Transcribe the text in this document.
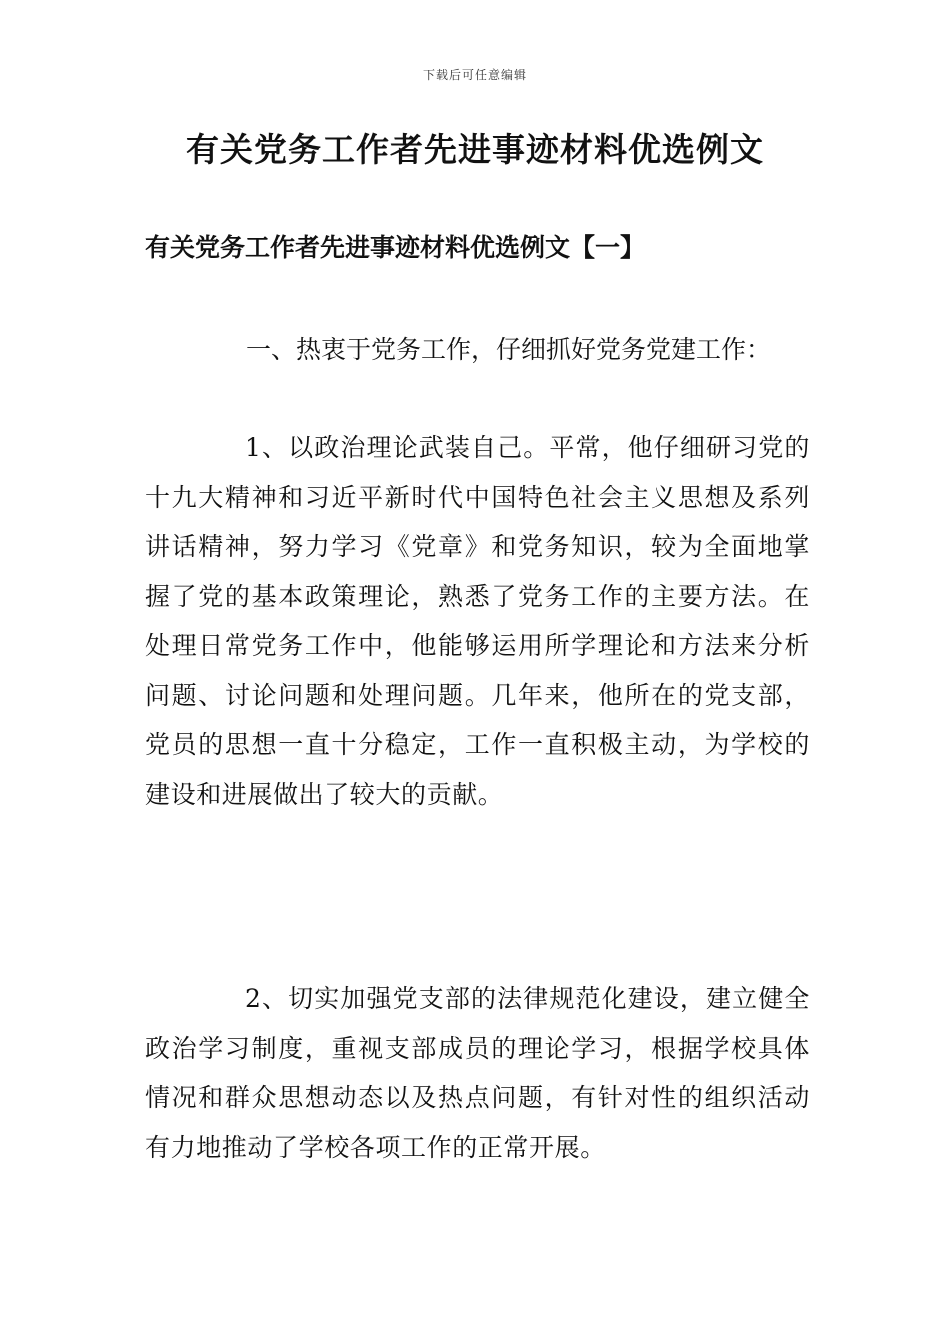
下载后可任意编辑
有关党务工作者先进事迹材料优选例文
有关党务工作者先进事迹材料优选例文【一】

一、热衷于党务工作，仔细抓好党务党建工作：

1、以政治理论武装自己。平常，他仔细研习党的十九大精神和习近平新时代中国特色社会主义思想及系列讲话精神，努力学习《党章》和党务知识，较为全面地掌握了党的基本政策理论，熟悉了党务工作的主要方法。在处理日常党务工作中，他能够运用所学理论和方法来分析问题、讨论问题和处理问题。几年来，他所在的党支部，党员的思想一直十分稳定，工作一直积极主动，为学校的建设和进展做出了较大的贡献。

2、切实加强党支部的法律规范化建设，建立健全政治学习制度，重视支部成员的理论学习，根据学校具体情况和群众思想动态以及热点问题，有针对性的组织活动有力地推动了学校各项工作的正常开展。
